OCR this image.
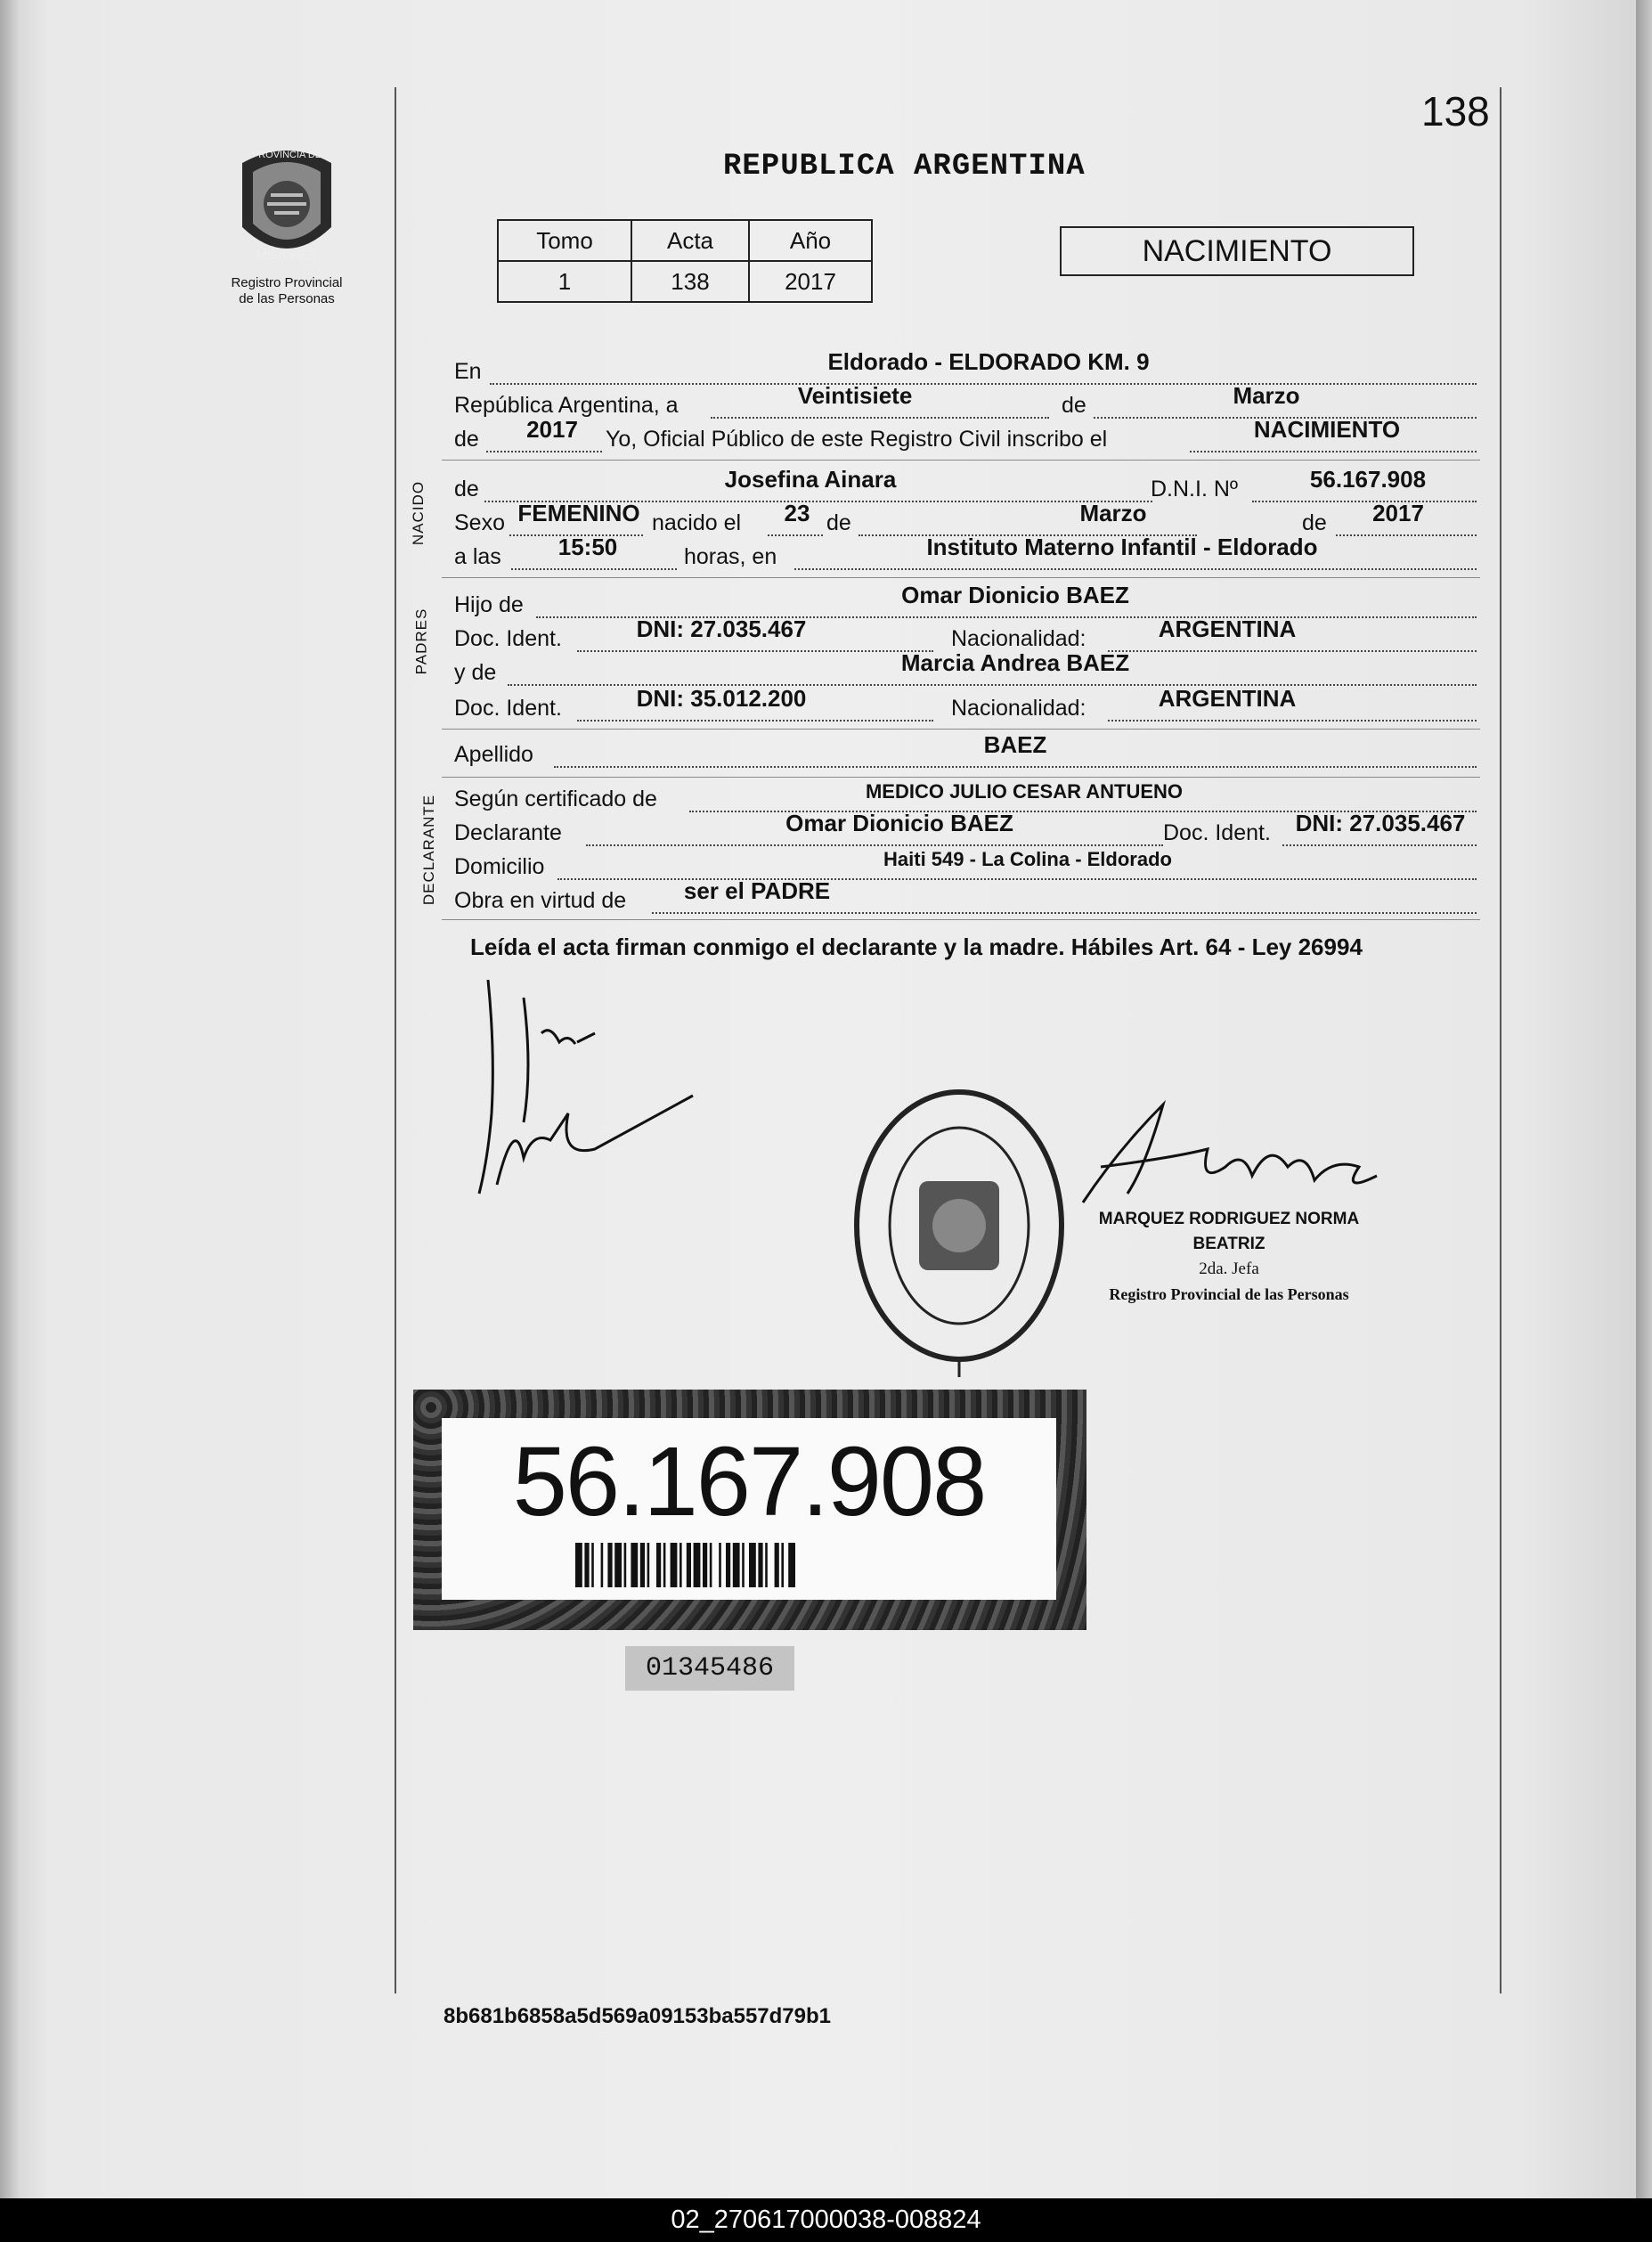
138
PROVINCIA DE
MISIONES
Registro Provincial
de las Personas
REPUBLICA ARGENTINA
Tomo	Acta	Año
1	138	2017
NACIMIENTO
En	Eldorado - ELDORADO KM. 9
República Argentina, a	Veintisiete	de	Marzo
de 2017 Yo, Oficial Público de este Registro Civil inscribo el	NACIMIENTO
NACIDO de	Josefina Ainara	D.N.I. Nº	56.167.908
Sexo FEMENINO nacido el 23 de	Marzo	de 2017
a las 15:50	horas, en	Instituto Materno Infantil - Eldorado
PADRES
Hijo de	Omar Dionicio BAEZ
Doc. Ident.	DNI: 27.035.467	Nacionalidad:	ARGENTINA
y de	Marcia Andrea BAEZ
Doc. Ident.	DNI: 35.012.200	Nacionalidad:	ARGENTINA
Apellido	BAEZ
DECLARANTE Según certificado de	MEDICO JULIO CESAR ANTUENO
Declarante	Omar Dionicio BAEZ	Doc. Ident. DNI: 27.035.467
Domicilio	Haiti 549 - La Colina - Eldorado
Obra en virtud de ser el PADRE
Leída el acta firman conmigo el declarante y la madre. Hábiles Art. 64 - Ley 26994
MARQUEZ RODRIGUEZ NORMA BEATRIZ
2da. Jefa
Registro Provincial de las Personas
56.167.908
01345486
8b681b6858a5d569a09153ba557d79b1
02_270617000038-008824
